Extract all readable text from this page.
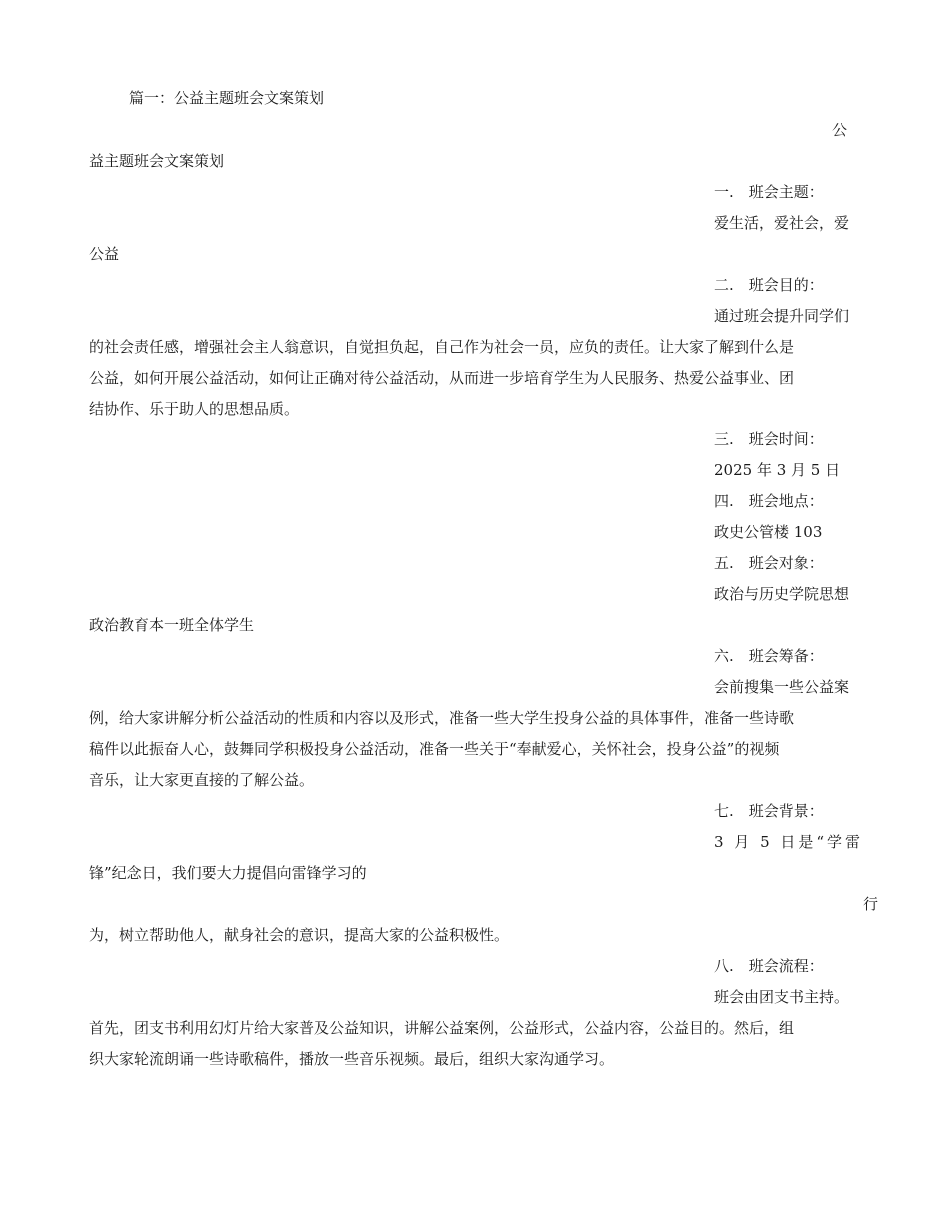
篇一：公益主题班会文案策划
公
益主题班会文案策划
一. 班会主题：
爱生活，爱社会，爱
公益
二. 班会目的：
通过班会提升同学们
的社会责任感，增强社会主人翁意识，自觉担负起，自己作为社会一员，应负的责任。让大家了解到什么是
公益，如何开展公益活动，如何让正确对待公益活动，从而进一步培育学生为人民服务、热爱公益事业、团
结协作、乐于助人的思想品质。
三. 班会时间：
2025 年 3 月 5 日
四. 班会地点：
政史公管楼 103
五. 班会对象：
政治与历史学院思想
政治教育本一班全体学生
六. 班会筹备：
会前搜集一些公益案
例，给大家讲解分析公益活动的性质和内容以及形式，准备一些大学生投身公益的具体事件，准备一些诗歌
稿件以此振奋人心，鼓舞同学积极投身公益活动，准备一些关于“奉献爱心，关怀社会，投身公益”的视频
音乐，让大家更直接的了解公益。
七. 班会背景：
3 月 5 日是“学雷
锋”纪念日，我们要大力提倡向雷锋学习的
行
为，树立帮助他人，献身社会的意识，提高大家的公益积极性。
八. 班会流程：
班会由团支书主持。
首先，团支书利用幻灯片给大家普及公益知识，讲解公益案例，公益形式，公益内容，公益目的。然后，组
织大家轮流朗诵一些诗歌稿件，播放一些音乐视频。最后，组织大家沟通学习。
